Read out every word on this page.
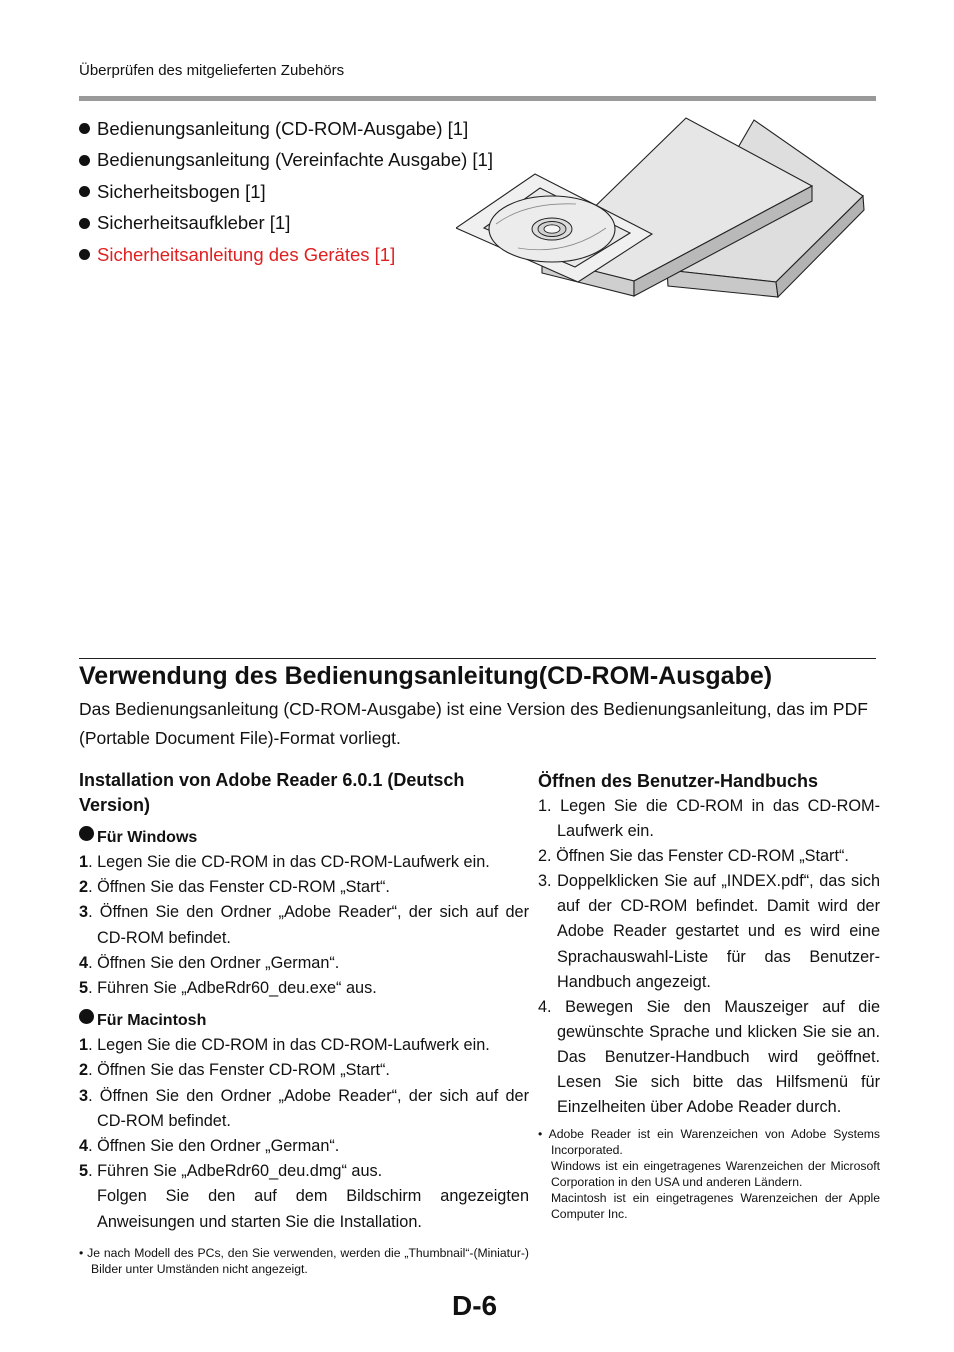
Überprüfen des mitgelieferten Zubehörs
Bedienungsanleitung (CD-ROM-Ausgabe) [1]
Bedienungsanleitung (Vereinfachte Ausgabe) [1]
Sicherheitsbogen [1]
Sicherheitsaufkleber [1]
Sicherheitsanleitung des Gerätes [1]
Verwendung des Bedienungsanleitung(CD-ROM-Ausgabe)
Das Bedienungsanleitung (CD-ROM-Ausgabe) ist eine Version des Bedienungsanleitung, das im PDF (Portable Document File)-Format vorliegt.
Installation von Adobe Reader 6.0.1 (Deutsch Version)
Für Windows
1. Legen Sie die CD-ROM in das CD-ROM-Laufwerk ein.
2. Öffnen Sie das Fenster CD-ROM „Start“.
3. Öffnen Sie den Ordner „Adobe Reader“, der sich auf der CD-ROM befindet.
4. Öffnen Sie den Ordner „German“.
5. Führen Sie „AdbeRdr60_deu.exe“ aus.
Für Macintosh
1. Legen Sie die CD-ROM in das CD-ROM-Laufwerk ein.
2. Öffnen Sie das Fenster CD-ROM „Start“.
3. Öffnen Sie den Ordner „Adobe Reader“, der sich auf der CD-ROM befindet.
4. Öffnen Sie den Ordner „German“.
5. Führen Sie „AdbeRdr60_deu.dmg“ aus.
Folgen Sie den auf dem Bildschirm angezeigten Anweisungen und starten Sie die Installation.
• Je nach Modell des PCs, den Sie verwenden, werden die „Thumbnail“-(Miniatur-) Bilder unter Umständen nicht angezeigt.
Öffnen des Benutzer-Handbuchs
1. Legen Sie die CD-ROM in das CD-ROM-Laufwerk ein.
2. Öffnen Sie das Fenster CD-ROM „Start“.
3. Doppelklicken Sie auf „INDEX.pdf“, das sich auf der CD-ROM befindet. Damit wird der Adobe Reader gestartet und es wird eine Sprachauswahl-Liste für das Benutzer-Handbuch angezeigt.
4. Bewegen Sie den Mauszeiger auf die gewünschte Sprache und klicken Sie sie an. Das Benutzer-Handbuch wird geöffnet. Lesen Sie sich bitte das Hilfsmenü für Einzelheiten über Adobe Reader durch.

• Adobe Reader ist ein Warenzeichen von Adobe Systems Incorporated.

Windows ist ein eingetragenes Warenzeichen der Microsoft Corporation in den USA und anderen Ländern.

Macintosh ist ein eingetragenes Warenzeichen der Apple Computer Inc.

D-6
